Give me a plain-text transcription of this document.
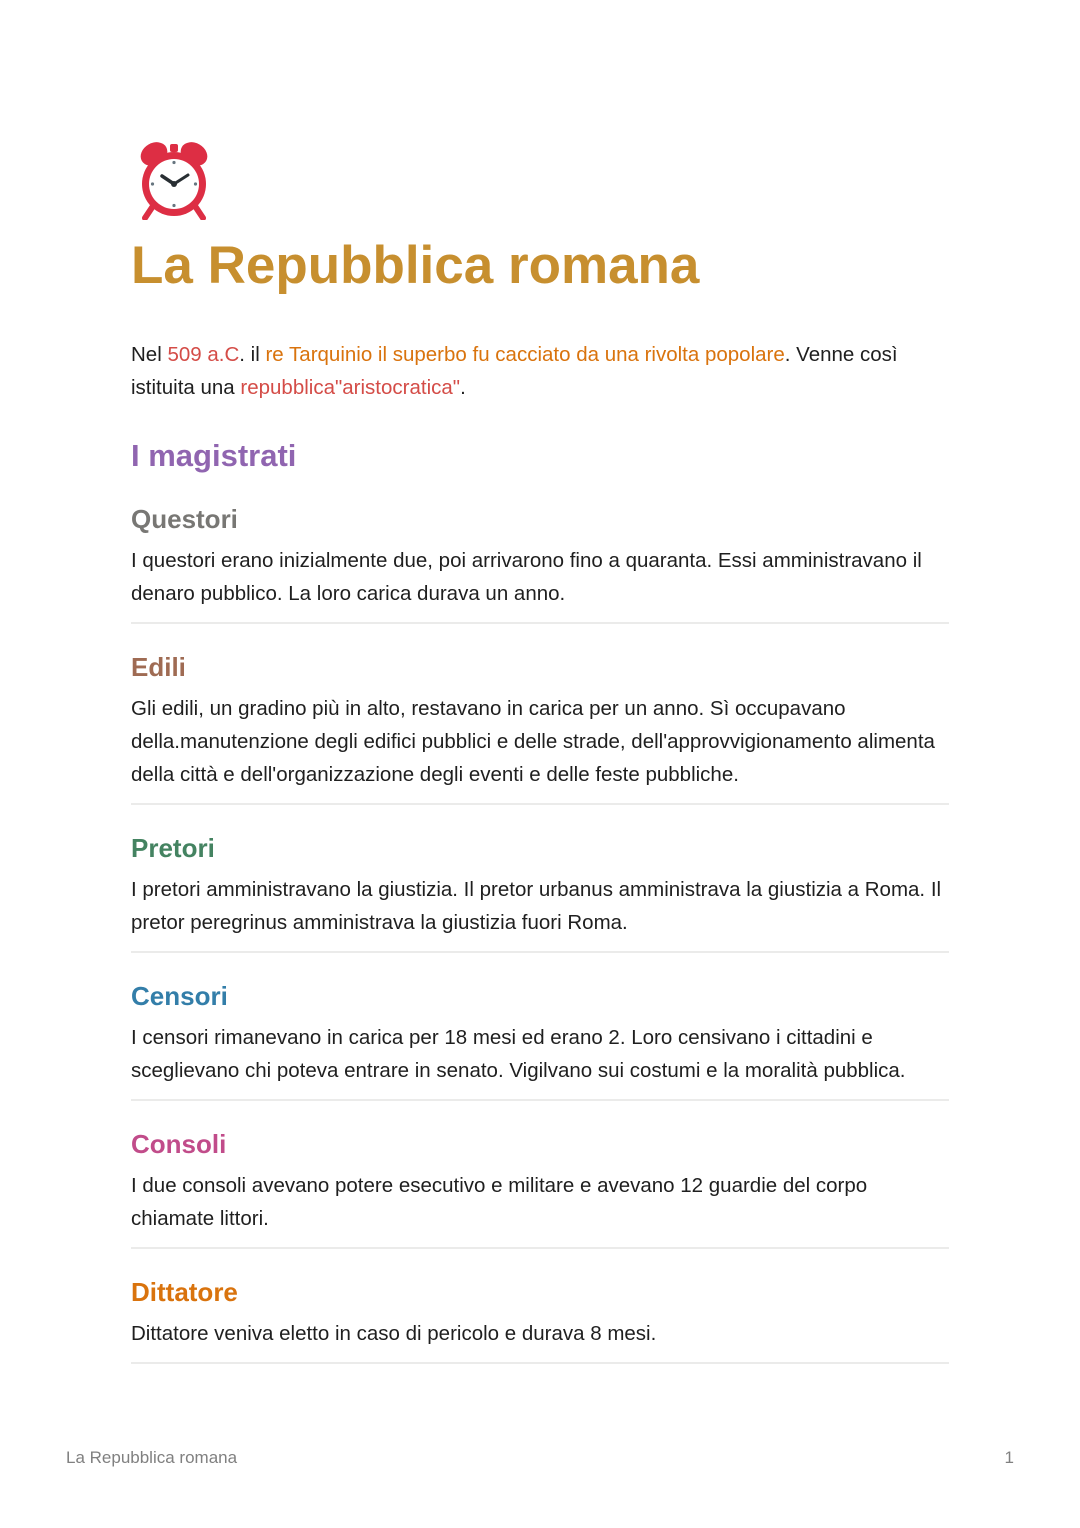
La Repubblica romana

Nel 509 a.C. il re Tarquinio il superbo fu cacciato da una rivolta popolare. Venne così istituita una repubblica"aristocratica".

I magistrati
Questori

I questori erano inizialmente due, poi arrivarono fino a quaranta. Essi amministravano il denaro pubblico. La loro carica durava un anno.

Edili

Gli edili, un gradino più in alto, restavano in carica per un anno. Sì occupavano della.manutenzione degli edifici pubblici e delle strade, dell'approvvigionamento alimenta della città e dell'organizzazione degli eventi e delle feste pubbliche.

Pretori

I pretori amministravano la giustizia. Il pretor urbanus amministrava la giustizia a Roma. Il pretor peregrinus amministrava la giustizia fuori Roma.

Censori

I censori rimanevano in carica per 18 mesi ed erano 2. Loro censivano i cittadini e sceglievano chi poteva entrare in senato. Vigilvano sui costumi e la moralità pubblica.

Consoli

I due consoli avevano potere esecutivo e militare e avevano 12 guardie del corpo chiamate littori.

Dittatore

Dittatore veniva eletto in caso di pericolo e durava 8 mesi.

La Repubblica romana	1
